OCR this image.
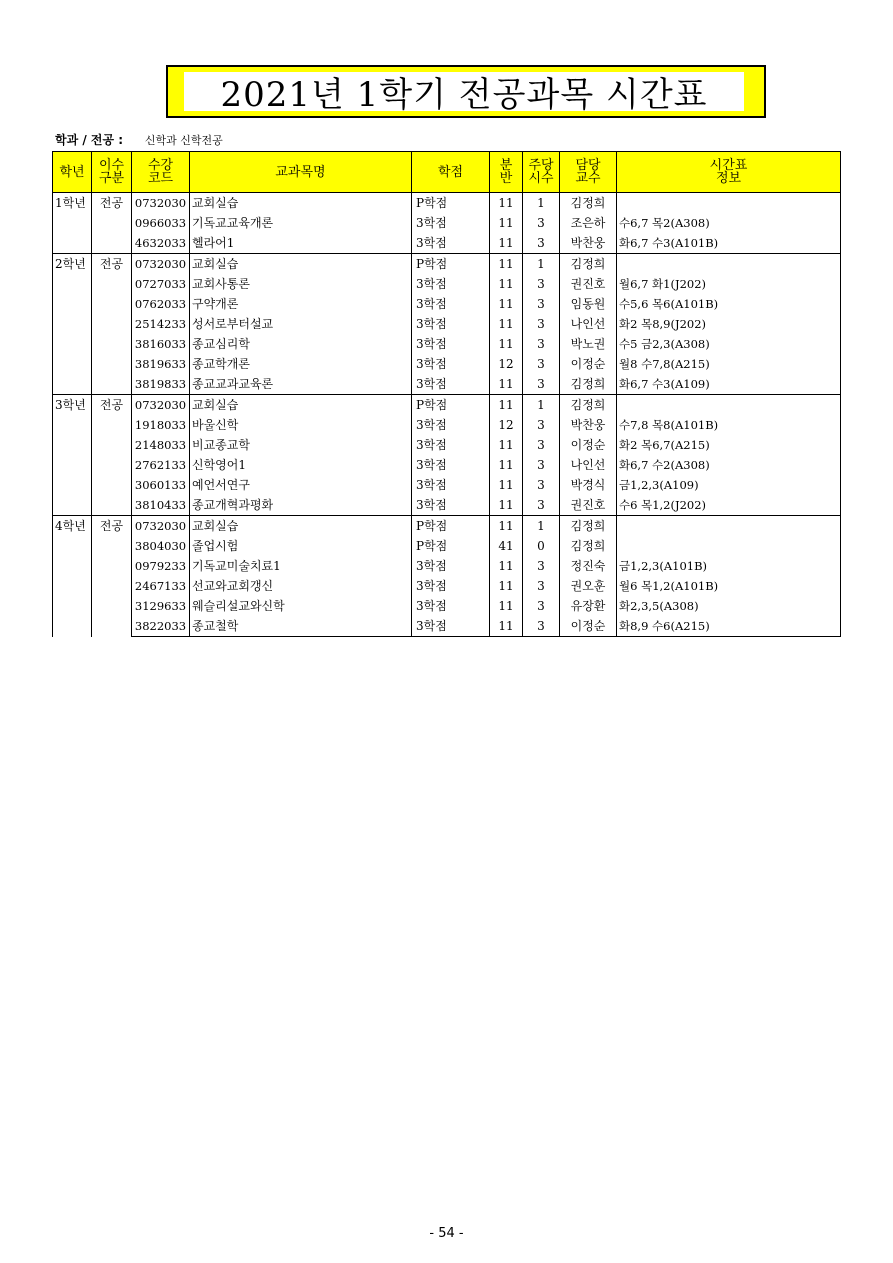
2021년 1학기 전공과목 시간표
학과 / 전공 : 신학과 신학전공
학년	이수구분	수강코드	교과목명	학점	분반	주당시수	담당교수	시간표정보
1학년	전공	0732030	교회실습	P학점	11	1	김정희	
		0966033	기독교교육개론	3학점	11	3	조은하	수6,7 목2(A308)
		4632033	헬라어1	3학점	11	3	박찬웅	화6,7 수3(A101B)
2학년	전공	0732030	교회실습	P학점	11	1	김정희	
		0727033	교회사통론	3학점	11	3	권진호	월6,7 화1(J202)
		0762033	구약개론	3학점	11	3	임동원	수5,6 목6(A101B)
		2514233	성서로부터설교	3학점	11	3	나인선	화2 목8,9(J202)
		3816033	종교심리학	3학점	11	3	박노권	수5 금2,3(A308)
		3819633	종교학개론	3학점	12	3	이정순	월8 수7,8(A215)
		3819833	종교교과교육론	3학점	11	3	김정희	화6,7 수3(A109)
3학년	전공	0732030	교회실습	P학점	11	1	김정희	
		1918033	바울신학	3학점	12	3	박찬웅	수7,8 목8(A101B)
		2148033	비교종교학	3학점	11	3	이정순	화2 목6,7(A215)
		2762133	신학영어1	3학점	11	3	나인선	화6,7 수2(A308)
		3060133	예언서연구	3학점	11	3	박경식	금1,2,3(A109)
		3810433	종교개혁과평화	3학점	11	3	권진호	수6 목1,2(J202)
4학년	전공	0732030	교회실습	P학점	11	1	김정희	
		3804030	졸업시험	P학점	41	0	김정희	
		0979233	기독교미술치료1	3학점	11	3	정진숙	금1,2,3(A101B)
		2467133	선교와교회갱신	3학점	11	3	권오훈	월6 목1,2(A101B)
		3129633	웨슬리설교와신학	3학점	11	3	유장환	화2,3,5(A308)
		3822033	종교철학	3학점	11	3	이정순	화8,9 수6(A215)
- 54 -
